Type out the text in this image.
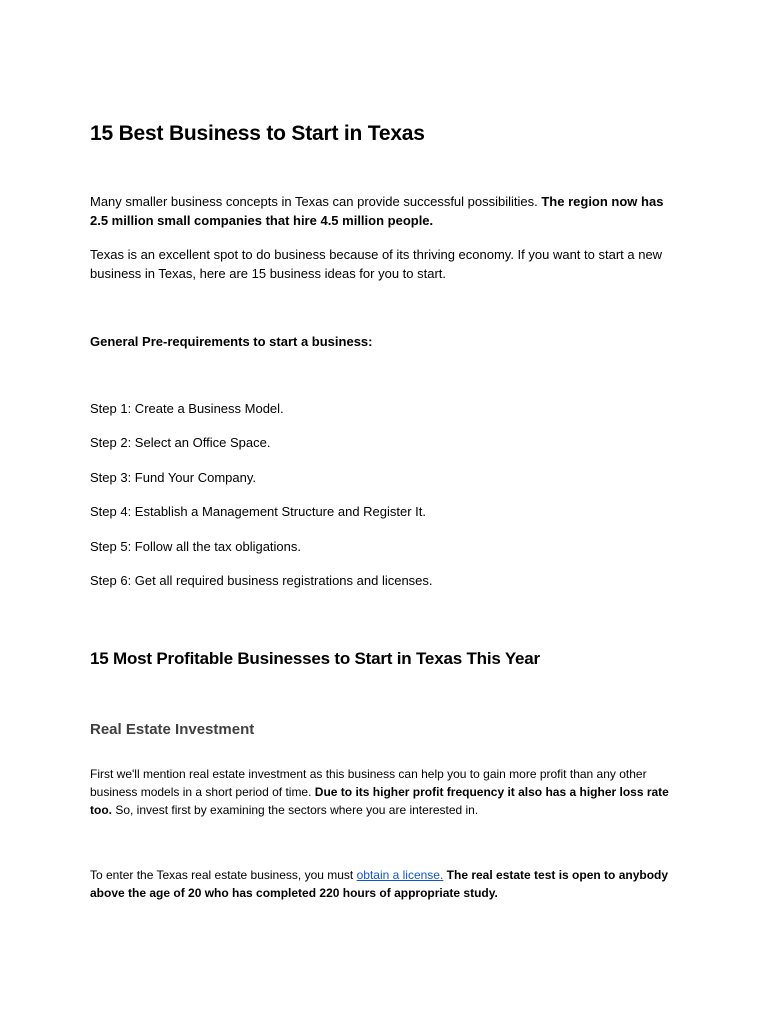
15 Best Business to Start in Texas

Many smaller business concepts in Texas can provide successful possibilities. The region now has 2.5 million small companies that hire 4.5 million people.

Texas is an excellent spot to do business because of its thriving economy. If you want to start a new business in Texas, here are 15 business ideas for you to start.

General Pre-requirements to start a business:

Step 1: Create a Business Model.

Step 2: Select an Office Space.

Step 3: Fund Your Company.

Step 4: Establish a Management Structure and Register It.

Step 5: Follow all the tax obligations.

Step 6: Get all required business registrations and licenses.

15 Most Profitable Businesses to Start in Texas This Year
Real Estate Investment

First we'll mention real estate investment as this business can help you to gain more profit than any other business models in a short period of time. Due to its higher profit frequency it also has a higher loss rate too. So, invest first by examining the sectors where you are interested in.

To enter the Texas real estate business, you must obtain a license. The real estate test is open to anybody above the age of 20 who has completed 220 hours of appropriate study.
